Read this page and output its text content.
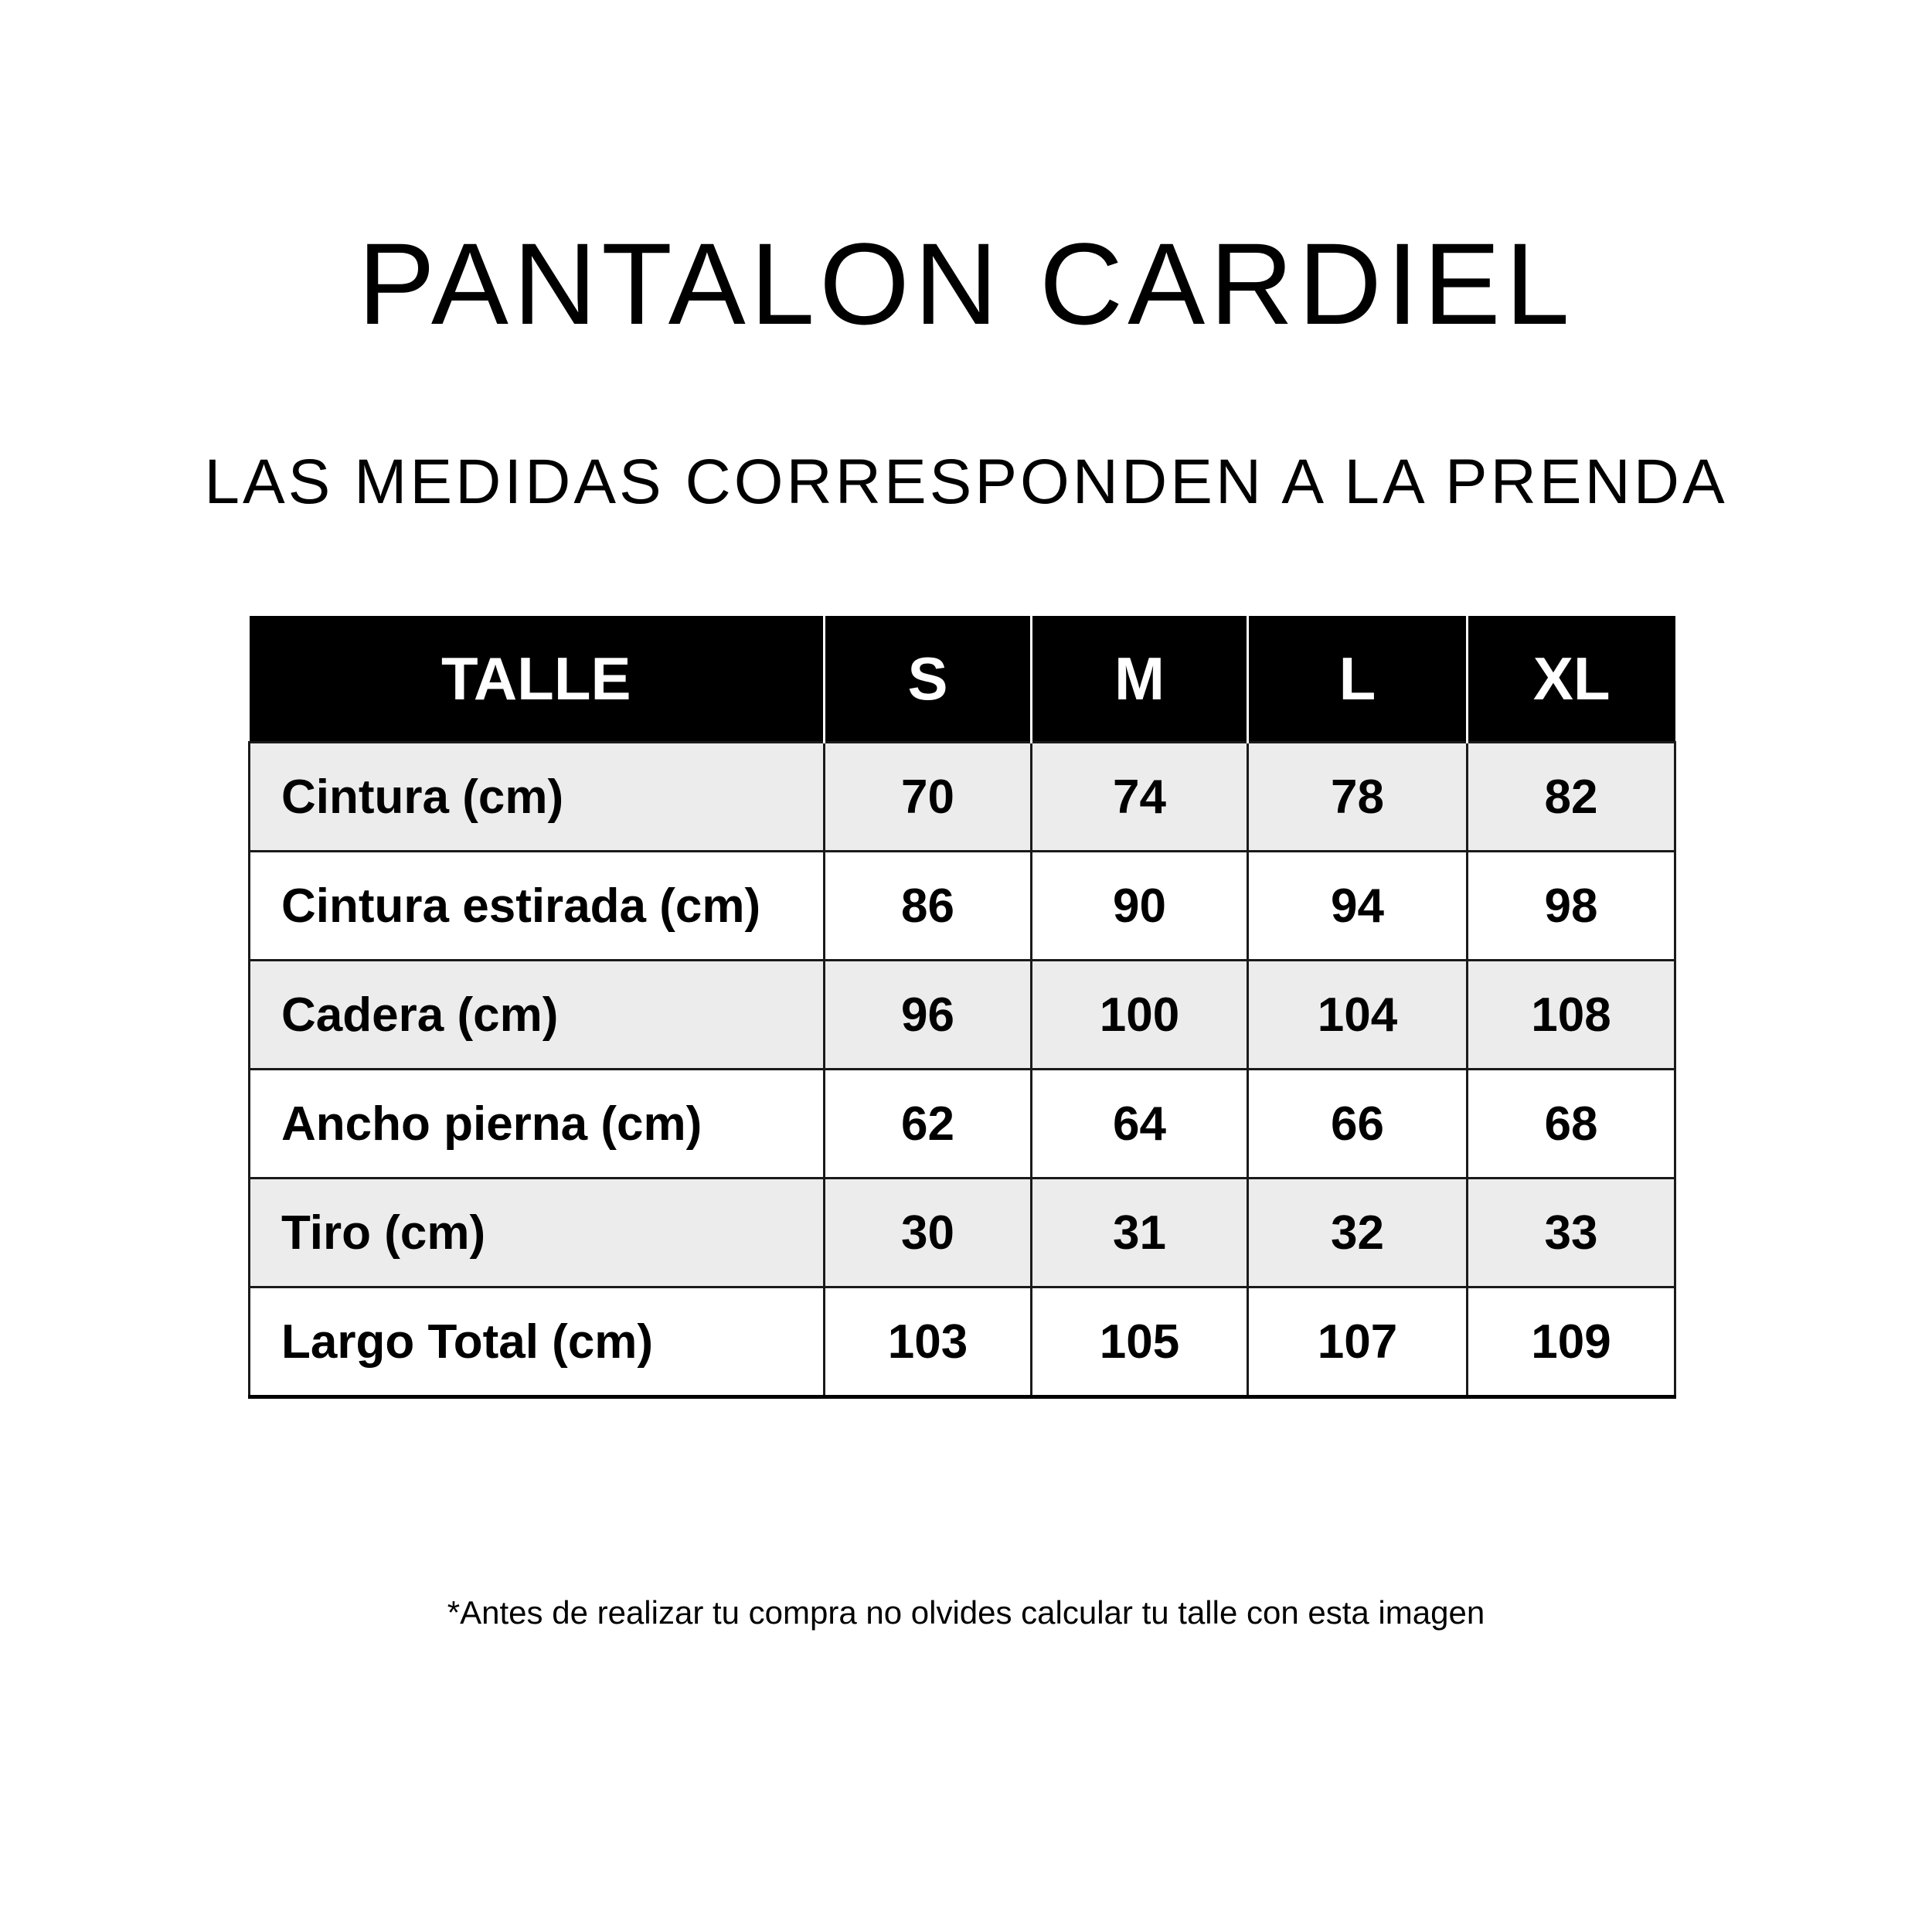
PANTALON CARDIEL
LAS MEDIDAS CORRESPONDEN A LA PRENDA
TALLE	S	M	L	XL
Cintura (cm)	70	74	78	82
Cintura estirada (cm)	86	90	94	98
Cadera (cm)	96	100	104	108
Ancho pierna (cm)	62	64	66	68
Tiro (cm)	30	31	32	33
Largo Total (cm)	103	105	107	109

*Antes de realizar tu compra no olvides calcular tu talle con esta imagen
